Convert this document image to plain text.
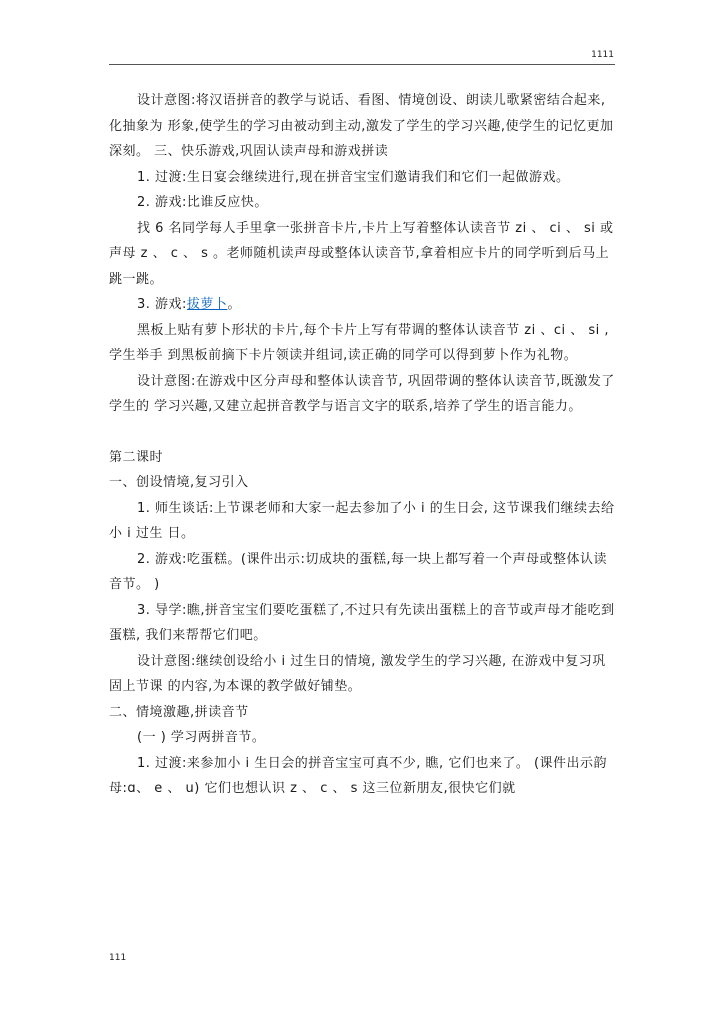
1111

设计意图:将汉语拼音的教学与说话、看图、情境创设、朗读儿歌紧密结合起来,化抽象为 形象,使学生的学习由被动到主动,激发了学生的学习兴趣,使学生的记忆更加深刻。 三、快乐游戏,巩固认读声母和游戏拼读

1. 过渡:生日宴会继续进行,现在拼音宝宝们邀请我们和它们一起做游戏。

2. 游戏:比谁反应快。

找 6 名同学每人手里拿一张拼音卡片,卡片上写着整体认读音节 zi 、 ci 、 si 或声母 z 、 c 、 s 。老师随机读声母或整体认读音节,拿着相应卡片的同学听到后马上跳一跳。

3. 游戏:拔萝卜。

黑板上贴有萝卜形状的卡片,每个卡片上写有带调的整体认读音节 zi 、ci 、 si ,学生举手 到黑板前摘下卡片领读并组词,读正确的同学可以得到萝卜作为礼物。

设计意图:在游戏中区分声母和整体认读音节, 巩固带调的整体认读音节,既激发了学生的 学习兴趣,又建立起拼音教学与语言文字的联系,培养了学生的语言能力。

第二课时

一、创设情境,复习引入

1. 师生谈话:上节课老师和大家一起去参加了小 i 的生日会, 这节课我们继续去给小 i 过生 日。

2. 游戏:吃蛋糕。(课件出示:切成块的蛋糕,每一块上都写着一个声母或整体认读音节。 )

3. 导学:瞧,拼音宝宝们要吃蛋糕了,不过只有先读出蛋糕上的音节或声母才能吃到蛋糕, 我们来帮帮它们吧。

设计意图:继续创设给小 i 过生日的情境, 激发学生的学习兴趣, 在游戏中复习巩固上节课 的内容,为本课的教学做好铺垫。

二、情境激趣,拼读音节

(一 ) 学习两拼音节。

1. 过渡:来参加小 i 生日会的拼音宝宝可真不少, 瞧, 它们也来了。 (课件出示韵母:ɑ、 e 、 u) 它们也想认识 z 、 c 、 s 这三位新朋友,很快它们就

111
